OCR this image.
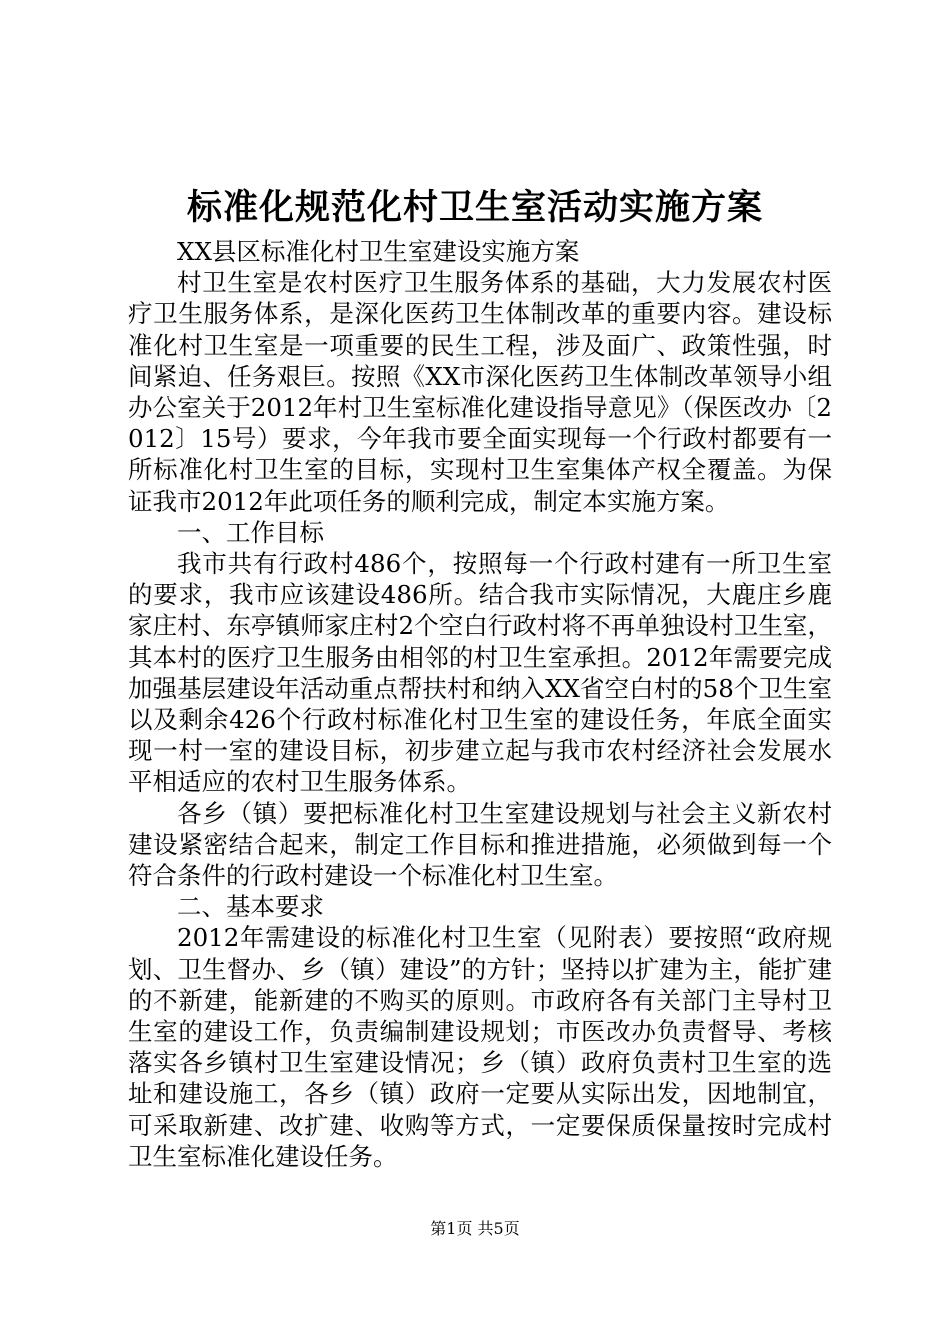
标准化规范化村卫生室活动实施方案

XX县区标准化村卫生室建设实施方案

村卫生室是农村医疗卫生服务体系的基础，大力发展农村医疗卫生服务体系，是深化医药卫生体制改革的重要内容。建设标准化村卫生室是一项重要的民生工程，涉及面广、政策性强，时间紧迫、任务艰巨。按照《XX市深化医药卫生体制改革领导小组办公室关于2012年村卫生室标准化建设指导意见》（保医改办〔2012〕15号）要求，今年我市要全面实现每一个行政村都要有一所标准化村卫生室的目标，实现村卫生室集体产权全覆盖。为保证我市2012年此项任务的顺利完成，制定本实施方案。

一、工作目标

我市共有行政村486个，按照每一个行政村建有一所卫生室的要求，我市应该建设486所。结合我市实际情况，大鹿庄乡鹿家庄村、东亭镇师家庄村2个空白行政村将不再单独设村卫生室，其本村的医疗卫生服务由相邻的村卫生室承担。2012年需要完成加强基层建设年活动重点帮扶村和纳入XX省空白村的58个卫生室以及剩余426个行政村标准化村卫生室的建设任务，年底全面实现一村一室的建设目标，初步建立起与我市农村经济社会发展水平相适应的农村卫生服务体系。

各乡（镇）要把标准化村卫生室建设规划与社会主义新农村建设紧密结合起来，制定工作目标和推进措施，必须做到每一个符合条件的行政村建设一个标准化村卫生室。

二、基本要求

2012年需建设的标准化村卫生室（见附表）要按照“政府规划、卫生督办、乡（镇）建设”的方针；坚持以扩建为主，能扩建的不新建，能新建的不购买的原则。市政府各有关部门主导村卫生室的建设工作，负责编制建设规划；市医改办负责督导、考核落实各乡镇村卫生室建设情况；乡（镇）政府负责村卫生室的选址和建设施工，各乡（镇）政府一定要从实际出发，因地制宜，可采取新建、改扩建、收购等方式，一定要保质保量按时完成村卫生室标准化建设任务。

第1页 共5页
